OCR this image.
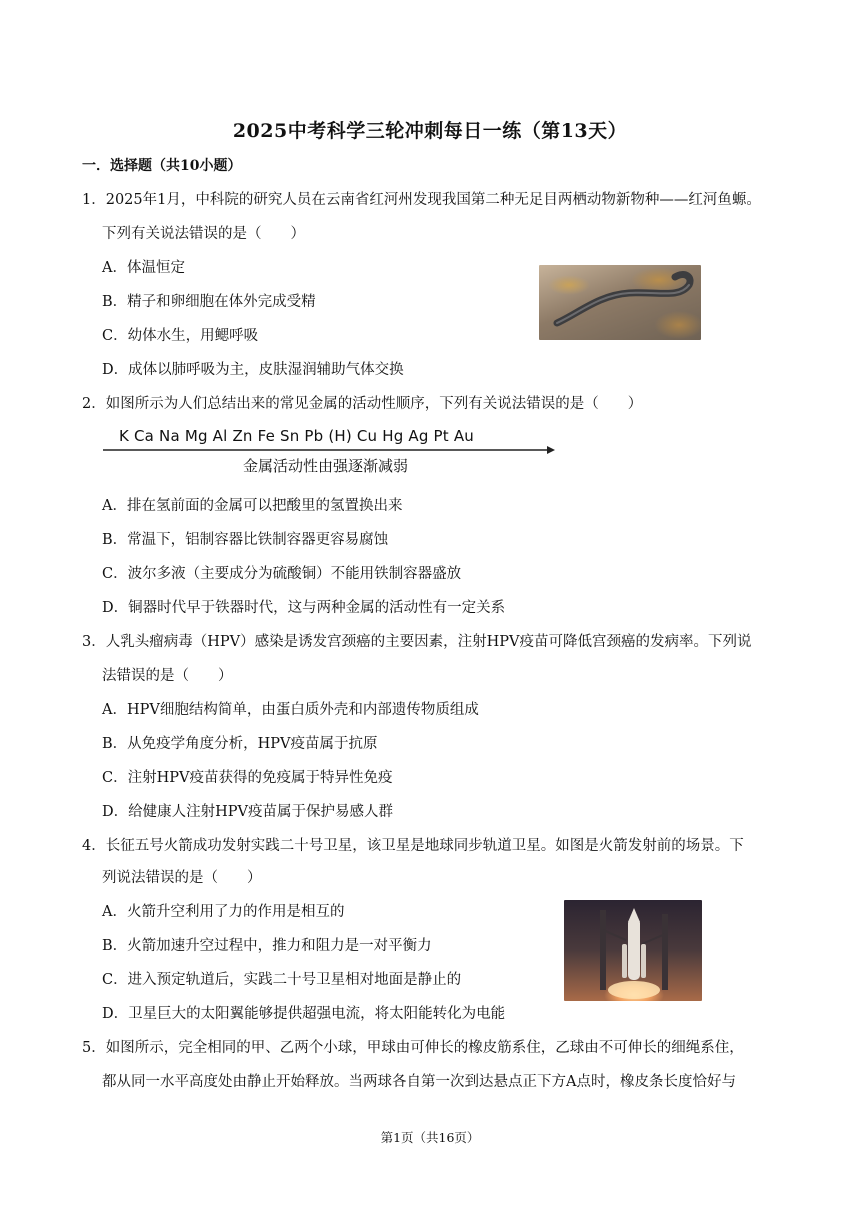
2025中考科学三轮冲刺每日一练（第13天）
一．选择题（共10小题）
1．2025年1月，中科院的研究人员在云南省红河州发现我国第二种无足目两栖动物新物种——红河鱼螈。
下列有关说法错误的是（　　）
A．体温恒定
B．精子和卵细胞在体外完成受精
C．幼体水生，用鳃呼吸
D．成体以肺呼吸为主，皮肤湿润辅助气体交换
2．如图所示为人们总结出来的常见金属的活动性顺序，下列有关说法错误的是（　　）
K Ca Na Mg Al Zn Fe Sn Pb (H) Cu Hg Ag Pt Au
金属活动性由强逐渐减弱
A．排在氢前面的金属可以把酸里的氢置换出来
B．常温下，铝制容器比铁制容器更容易腐蚀
C．波尔多液（主要成分为硫酸铜）不能用铁制容器盛放
D．铜器时代早于铁器时代，这与两种金属的活动性有一定关系
3．人乳头瘤病毒（HPV）感染是诱发宫颈癌的主要因素，注射HPV疫苗可降低宫颈癌的发病率。下列说
法错误的是（　　）
A．HPV细胞结构简单，由蛋白质外壳和内部遗传物质组成
B．从免疫学角度分析，HPV疫苗属于抗原
C．注射HPV疫苗获得的免疫属于特异性免疫
D．给健康人注射HPV疫苗属于保护易感人群
4．长征五号火箭成功发射实践二十号卫星，该卫星是地球同步轨道卫星。如图是火箭发射前的场景。下
列说法错误的是（　　）
A．火箭升空利用了力的作用是相互的
B．火箭加速升空过程中，推力和阻力是一对平衡力
C．进入预定轨道后，实践二十号卫星相对地面是静止的
D．卫星巨大的太阳翼能够提供超强电流，将太阳能转化为电能
5．如图所示，完全相同的甲、乙两个小球，甲球由可伸长的橡皮筋系住，乙球由不可伸长的细绳系住，
都从同一水平高度处由静止开始释放。当两球各自第一次到达悬点正下方A点时，橡皮条长度恰好与
第1页（共16页）
